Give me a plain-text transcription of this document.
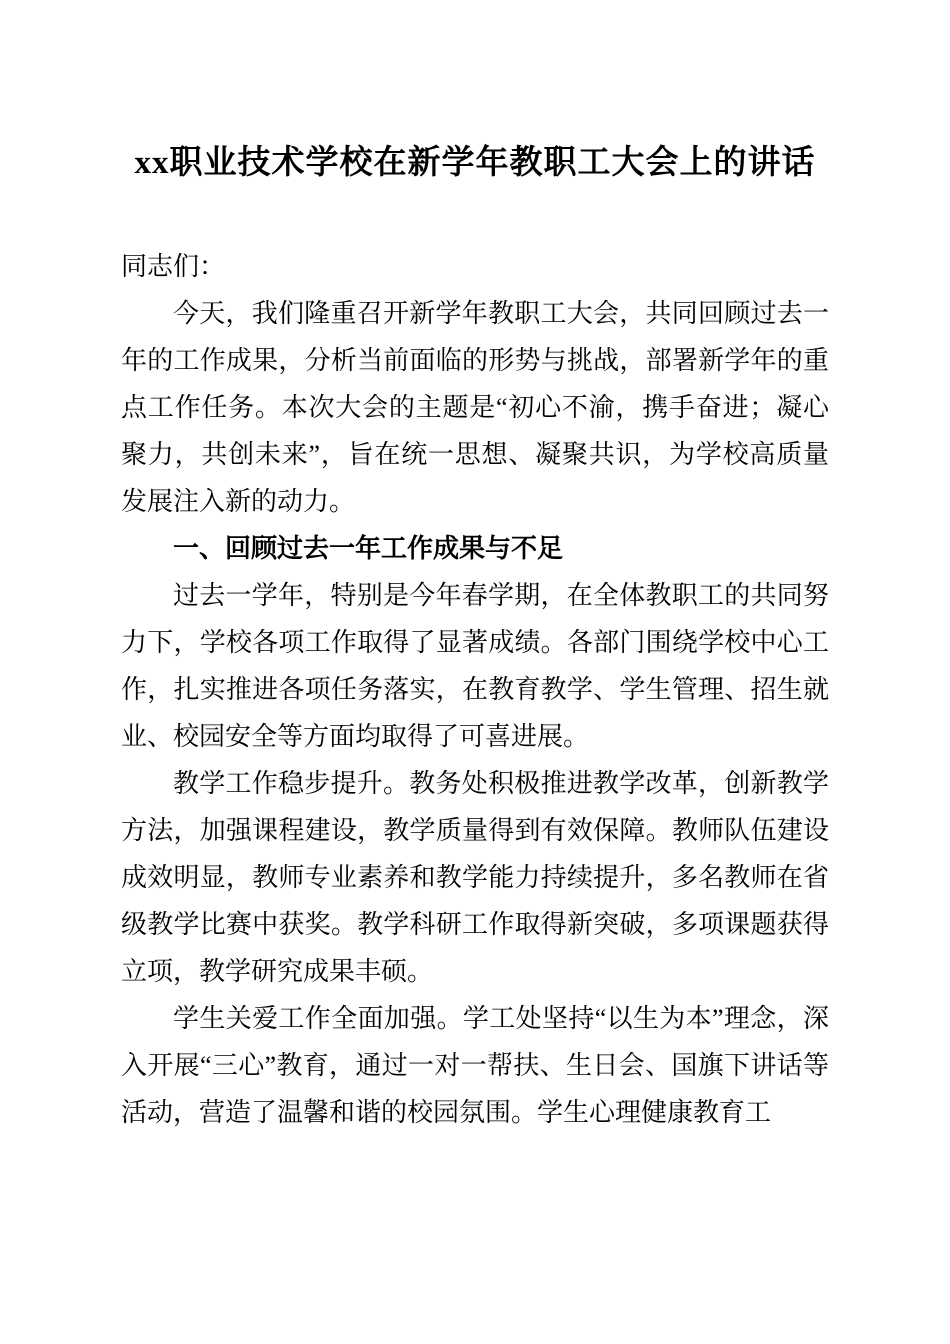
xx职业技术学校在新学年教职工大会上的讲话

同志们：

今天，我们隆重召开新学年教职工大会，共同回顾过去一年的工作成果，分析当前面临的形势与挑战，部署新学年的重点工作任务。本次大会的主题是“初心不渝，携手奋进；凝心聚力，共创未来”，旨在统一思想、凝聚共识，为学校高质量发展注入新的动力。

一、回顾过去一年工作成果与不足

过去一学年，特别是今年春学期，在全体教职工的共同努力下，学校各项工作取得了显著成绩。各部门围绕学校中心工作，扎实推进各项任务落实，在教育教学、学生管理、招生就业、校园安全等方面均取得了可喜进展。

教学工作稳步提升。教务处积极推进教学改革，创新教学方法，加强课程建设，教学质量得到有效保障。教师队伍建设成效明显，教师专业素养和教学能力持续提升，多名教师在省级教学比赛中获奖。教学科研工作取得新突破，多项课题获得立项，教学研究成果丰硕。

学生关爱工作全面加强。学工处坚持“以生为本”理念，深入开展“三心”教育，通过一对一帮扶、生日会、国旗下讲话等活动，营造了温馨和谐的校园氛围。学生心理健康教育工
